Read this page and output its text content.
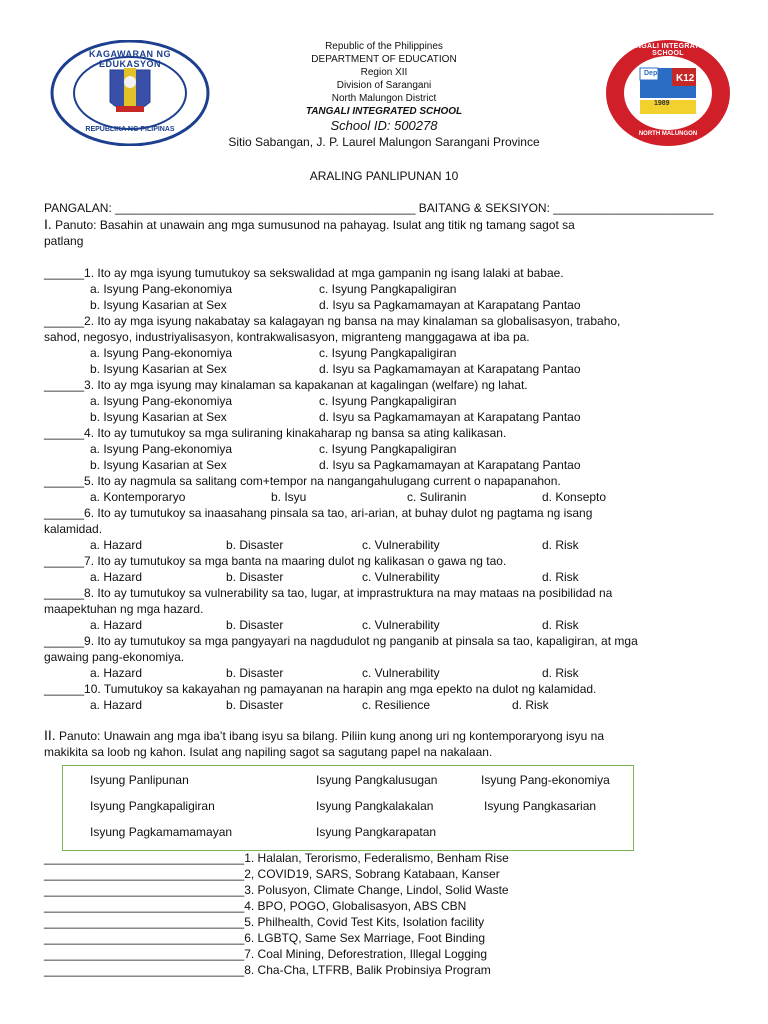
KAGAWARAN NG EDUKASYON
REPUBLIKA NG PILIPINAS
DepED K12
1989
TANGALI INTEGRATED SCHOOL
NORTH MALUNGON
Republic of the Philippines
DEPARTMENT OF EDUCATION
Region XII
Division of Sarangani
North Malungon District
TANGALI INTEGRATED SCHOOL
School ID: 500278
Sitio Sabangan, J. P. Laurel Malungon Sarangani Province
ARALING PANLIPUNAN 10
PANGALAN: _____________________________________________ BAITANG & SEKSIYON: ________________________
I. Panuto: Basahin at unawain ang mga sumusunod na pahayag. Isulat ang titik ng tamang sagot sa
patlang
______1. Ito ay mga isyung tumutukoy sa sekswalidad at mga gampanin ng isang lalaki at babae.
a. Isyung Pang-ekonomiya	c. Isyung Pangkapaligiran
b. Isyung Kasarian at Sex	d. Isyu sa Pagkamamayan at Karapatang Pantao
______2. Ito ay mga isyung nakabatay sa kalagayan ng bansa na may kinalaman sa globalisasyon, trabaho,
sahod, negosyo, industriyalisasyon, kontrakwalisasyon, migranteng manggagawa at iba pa.
a. Isyung Pang-ekonomiya	c. Isyung Pangkapaligiran
b. Isyung Kasarian at Sex	d. Isyu sa Pagkamamayan at Karapatang Pantao
______3. Ito ay mga isyung may kinalaman sa kapakanan at kagalingan (welfare) ng lahat.
a. Isyung Pang-ekonomiya	c. Isyung Pangkapaligiran
b. Isyung Kasarian at Sex	d. Isyu sa Pagkamamayan at Karapatang Pantao
______4. Ito ay tumutukoy sa mga suliraning kinakaharap ng bansa sa ating kalikasan.
a. Isyung Pang-ekonomiya	c. Isyung Pangkapaligiran
b. Isyung Kasarian at Sex	d. Isyu sa Pagkamamayan at Karapatang Pantao
______5. Ito ay nagmula sa salitang com+tempor na nangangahulugang current o napapanahon.
a. Kontemporaryo	b. Isyu	c. Suliranin	d. Konsepto
______6. Ito ay tumutukoy sa inaasahang pinsala sa tao, ari-arian, at buhay dulot ng pagtama ng isang
kalamidad.
a. Hazard	b. Disaster	c. Vulnerability	d. Risk
______7. Ito ay tumutukoy sa mga banta na maaring dulot ng kalikasan o gawa ng tao.
a. Hazard	b. Disaster	c. Vulnerability	d. Risk
______8. Ito ay tumutukoy sa vulnerability sa tao, lugar, at imprastruktura na may mataas na posibilidad na
maapektuhan ng mga hazard.
a. Hazard	b. Disaster	c. Vulnerability	d. Risk
______9. Ito ay tumutukoy sa mga pangyayari na nagdudulot ng panganib at pinsala sa tao, kapaligiran, at mga
gawaing pang-ekonomiya.
a. Hazard	b. Disaster	c. Vulnerability	d. Risk
______10. Tumutukoy sa kakayahan ng pamayanan na harapin ang mga epekto na dulot ng kalamidad.
a. Hazard	b. Disaster	c. Resilience	d. Risk
II. Panuto: Unawain ang mga iba’t ibang isyu sa bilang. Piliin kung anong uri ng kontemporaryong isyu na
makikita sa loob ng kahon. Isulat ang napiling sagot sa sagutang papel na nakalaan.
Isyung Panlipunan	Isyung Pangkalusugan	Isyung Pang-ekonomiya
Isyung Pangkapaligiran	Isyung Pangkalakalan	Isyung Pangkasarian
Isyung Pagkamamamayan	Isyung Pangkarapatan
______________________________1. Halalan, Terorismo, Federalismo, Benham Rise
______________________________2, COVID19, SARS, Sobrang Katabaan, Kanser
______________________________3. Polusyon, Climate Change, Lindol, Solid Waste
______________________________4. BPO, POGO, Globalisasyon, ABS CBN
______________________________5. Philhealth, Covid Test Kits, Isolation facility
______________________________6. LGBTQ, Same Sex Marriage, Foot Binding
______________________________7. Coal Mining, Deforestration, Illegal Logging
______________________________8. Cha-Cha, LTFRB, Balik Probinsiya Program
